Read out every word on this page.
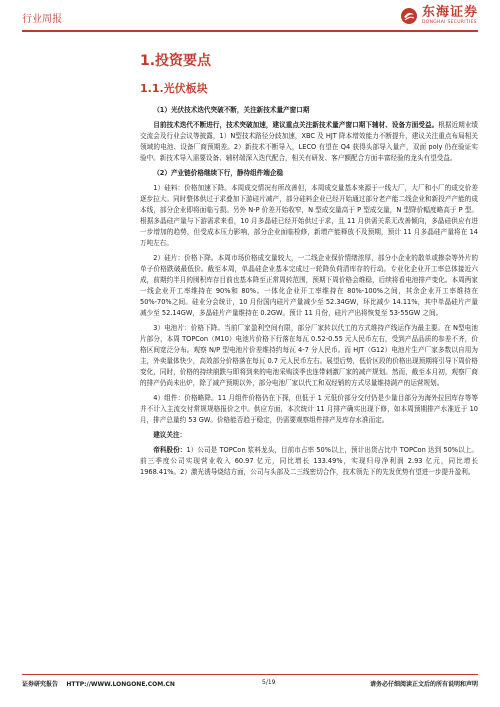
行业周报	东海证券
DONGHAI SECURITIES
1.投资要点
1.1.光伏板块
（1）光伏技术迭代突破不断，关注新技术量产窗口期

目前技术迭代不断进行，技术突破加速，建议重点关注新技术量产窗口期下辅材、设备方面受益。根据近期业绩交流会及行业会议等披露，1）N型技术路径分歧加速，XBC 及 HJT 降本增效能力不断提升，建议关注重点布局相关领域的电池、设备厂商预期差。2）新技术不断导入，LECO 有望在 Q4 获得头部导入量产，双面 poly 仍在验证实验中。新技术导入需要设备、辅材端深入迭代配合，相关有研发、客户额配合方面丰富经验的龙头有望受益。

（2）产业链价格继续下行，静待组件端企稳

1）硅料：价格加速下降。本周成交情况有所改善但，本周成交量基本来源于一线大厂，大厂和小厂的成交价差逐步拉大。同时整体供过于求叠加下游硅片减产，部分硅料企业已经开始通过部分老产能二线企业和新投产产能的成本线，部分企业即将面临亏损。另外 N-P 价差开始收窄，N 型成交量高于 P 型成交量，N 型降价幅度略高于 P 型。根据多晶硅产量与下游需求来看，10 月多晶硅已经开始供过于求，且 11 月供需关系无改善倾向，多晶硅供应有进一步增加的趋势，但受成本压力影响，部分企业面临检修，新增产能释放不及预期，预计 11 月多晶硅产量将在 14 万吨左右。

2）硅片：价格下降。本周市场价格成交量较大，一二线企业保价情绪浓厚，部分小企业的散单或掺杂等外片的单子价格跌破最低价。截至本周，单晶硅企业基本完成过一轮降负荷清库存的行动。专业化企业开工率总体接近六成，前期约半月的囤积库存目前也基本降至正常周转范围，预期下周价格会维稳，后续将看电池排产变化。本周两家一线企业开工率维持在 90%和 80%。一体化企业开工率维持在 80%-100%之间，其余企业开工率维持在 50%-70%之间。硅业分会统计，10 月份国内硅片产量减少至 52.34GW，环比减少 14.11%，其中单晶硅片产量减少至 52.14GW，多晶硅片产量维持在 0.2GW。预计 11 月份，硅片产出将恢复至 53-55GW 之间。

3）电池片：价格下降。当前厂家盈利空间有限，部分厂家转以代工的方式维持产线运作为最主要。在 N型电池片部分，本周 TOPCon（M10）电池片价格下行落在每瓦 0.52-0.55 元人民币左右，受到产品品质的参差不齐，价格区间宽泛分布。观察 N/P 型电池片价差维持约每瓦 4-7 分人民币。而 HJT（G12）电池片生产厂家多数以自用为主，外卖量体快少，高效部分价格落在每瓦 0.7 元人民币左右。展望后势，低价区段的价格出现预期将引导下周价格变化，同时，价格的持续崩跌与即将到来的电池采购淡季也连带刺激厂家的减产规划。然而，截至本月初，观察厂商的排产仍尚未出炉，除了减产预期以外，部分电池厂家以代工和双经销的方式尽量维持满产的运营规划。

4）组件：价格略降。11 月组件价格仍在下探，但低于 1 元低价部分交付仍是少量目部分为海外拉回库存等等并不计入主流交付常规规格报价之中。供应方面，本次统计 11 月排产确实出现下修，如本周预期排产水准近于 10 月，排产总量约 53 GW。价格能否趋于稳定，仍需要观察组件排产及库存水准而定。

建议关注：

帝科股份：1）公司是 TOPCon 浆料龙头，目前市占率 50%以上，预计出货占比中 TOPCon 达到 50%以上。前三季度公司实现营业收入 60.97 亿元，同比增长 133.49%，实现归母净利润 2.93 亿元，同比增长 1968.41%。2）激光诱导烧结方面，公司与头部及二三线密切合作，技术领先下的先发优势有望进一步提升盈利。

证券研究报告 HTTP://WWW.LONGONE.COM.CN	5/19	请务必仔细阅读正文后的所有说明和声明
